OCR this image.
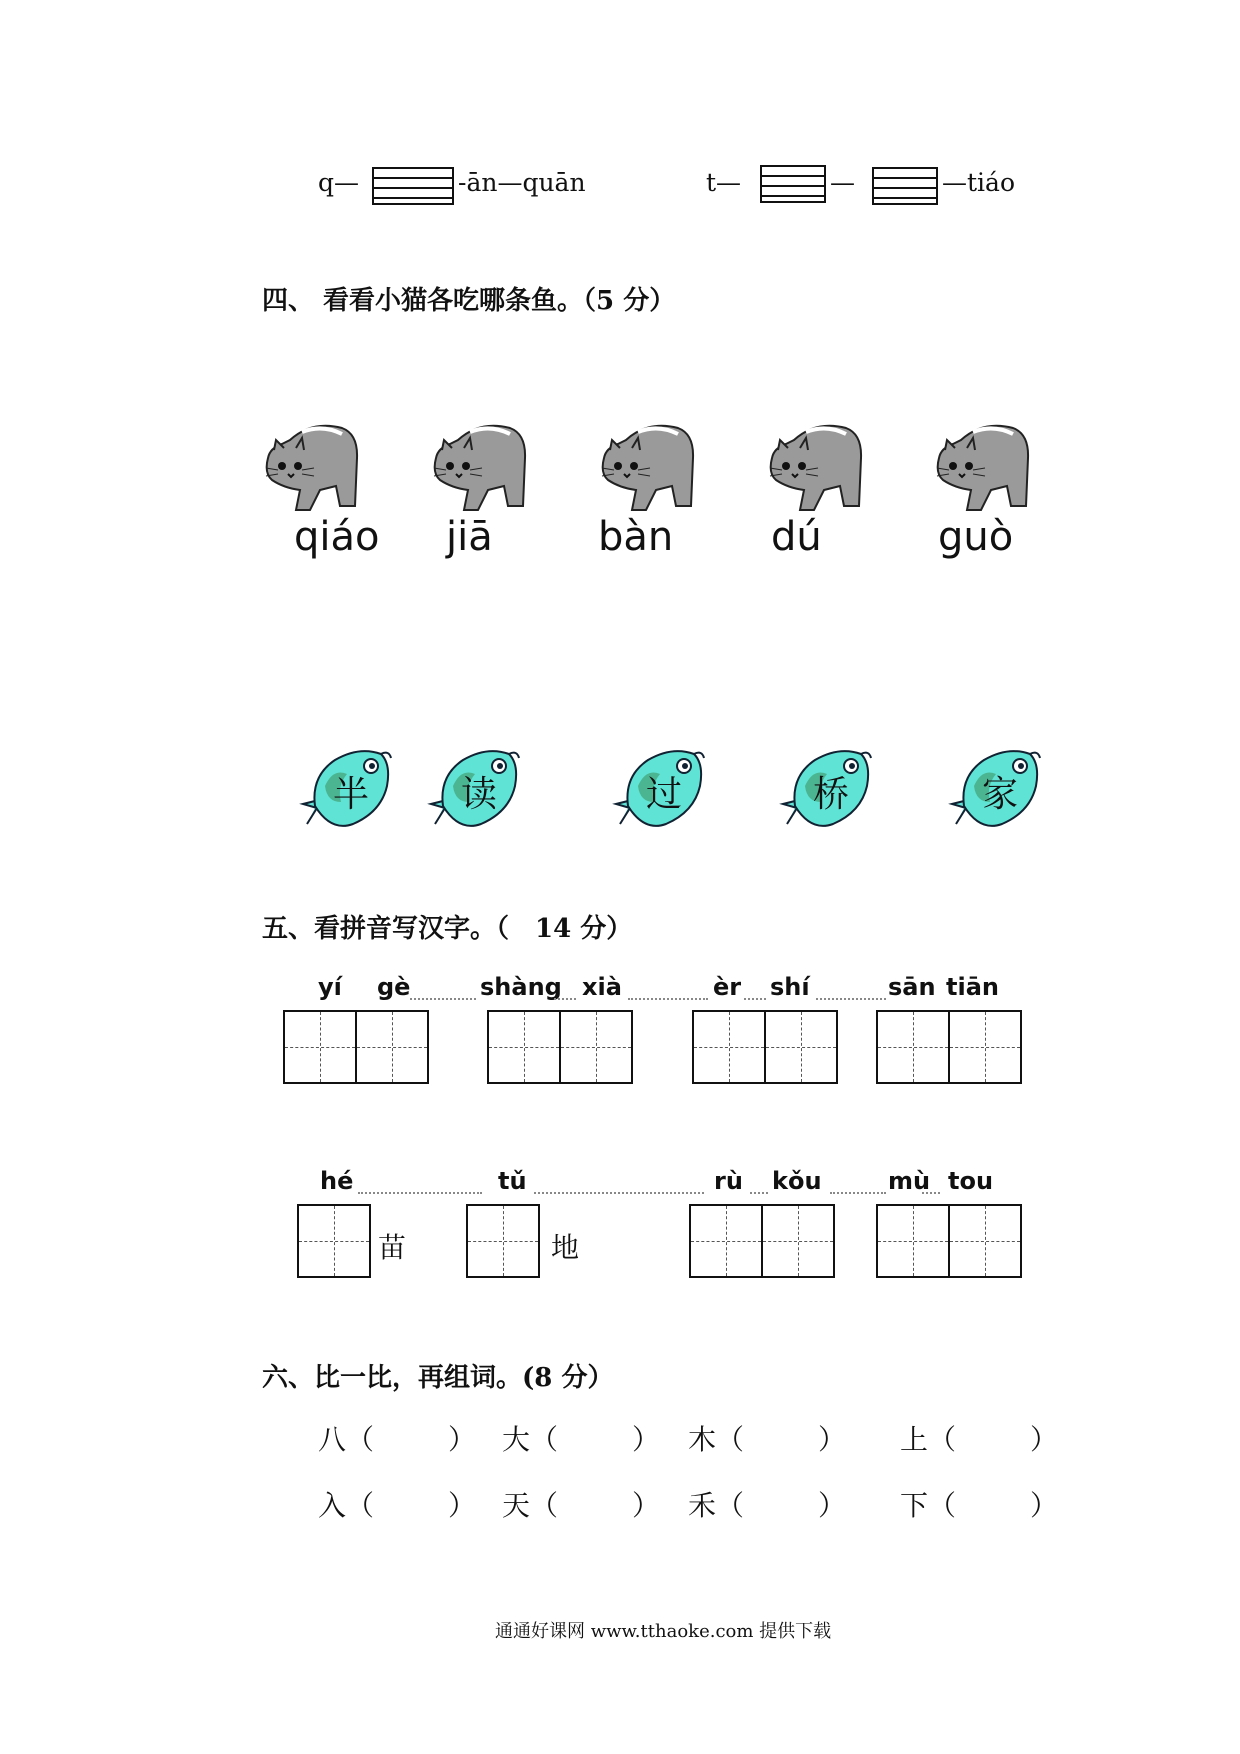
q—	-ān—quān	t—	—	—tiáo
四、 看看小猫各吃哪条鱼。（5 分）
qiáo jiā	bàn dú	guò
半	读	过	桥	家
五、看拼音写汉字。（　14 分）
yí gè	shàng xià	èr shí	sān tiān
hé	tǔ	rù kǒu	mù tou
苗	地
六、比一比，再组词。(8 分）
八（	） 大（	） 木（	） 上（	）
入（	） 天（	） 禾（	） 下（	）
通通好课网 www.tthaoke.com 提供下载
